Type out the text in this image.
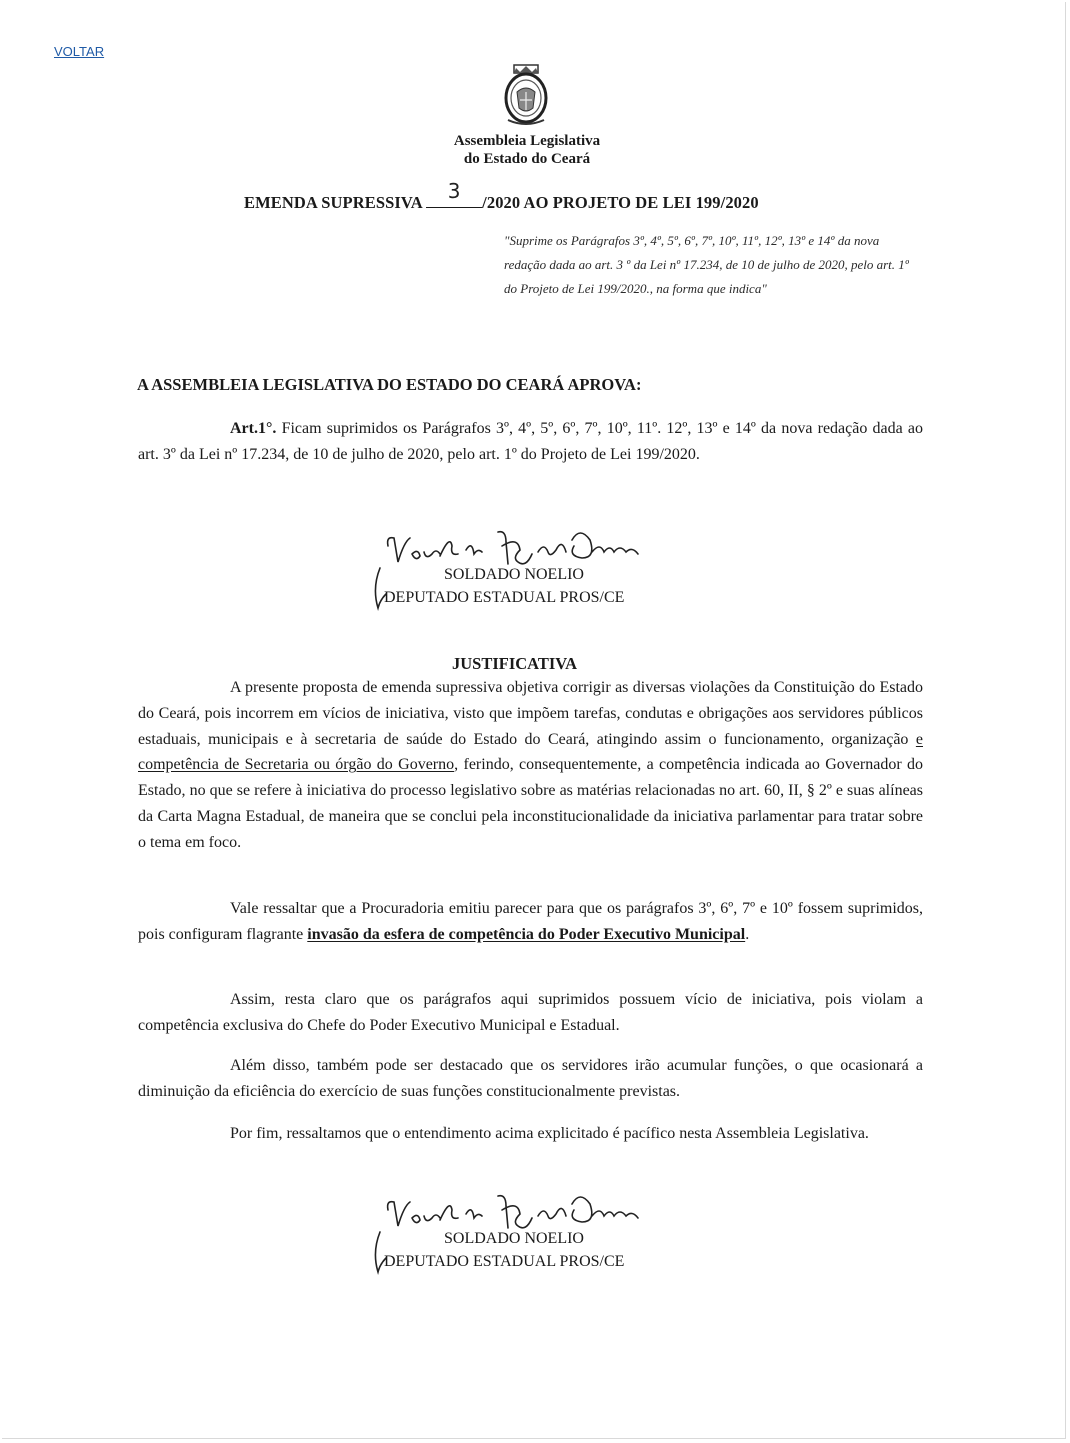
VOLTAR
Assembleia Legislativa
do Estado do Ceará
EMENDA SUPRESSIVA	3	/2020 AO PROJETO DE LEI 199/2020
"Suprime os Parágrafos 3º, 4º, 5º, 6º, 7º, 10º, 11º, 12º, 13º e 14º da nova redação dada ao art. 3 º da Lei nº 17.234, de 10 de julho de 2020, pelo art. 1º do Projeto de Lei 199/2020., na forma que indica"
A ASSEMBLEIA LEGISLATIVA DO ESTADO DO CEARÁ APROVA:
Art.1°. Ficam suprimidos os Parágrafos 3º, 4º, 5º, 6º, 7º, 10º, 11º. 12º, 13º e 14º da nova redação dada ao art. 3º da Lei nº 17.234, de 10 de julho de 2020, pelo art. 1º do Projeto de Lei 199/2020.
SOLDADO NOELIO
DEPUTADO ESTADUAL PROS/CE
JUSTIFICATIVA
A presente proposta de emenda supressiva objetiva corrigir as diversas violações da Constituição do Estado do Ceará, pois incorrem em vícios de iniciativa, visto que impõem tarefas, condutas e obrigações aos servidores públicos estaduais, municipais e à secretaria de saúde do Estado do Ceará, atingindo assim o funcionamento, organização e competência de Secretaria ou órgão do Governo, ferindo, consequentemente, a competência indicada ao Governador do Estado, no que se refere à iniciativa do processo legislativo sobre as matérias relacionadas no art. 60, II, § 2º e suas alíneas da Carta Magna Estadual, de maneira que se conclui pela inconstitucionalidade da iniciativa parlamentar para tratar sobre o tema em foco.
Vale ressaltar que a Procuradoria emitiu parecer para que os parágrafos 3º, 6º, 7º e 10º fossem suprimidos, pois configuram flagrante invasão da esfera de competência do Poder Executivo Municipal.
Assim, resta claro que os parágrafos aqui suprimidos possuem vício de iniciativa, pois violam a competência exclusiva do Chefe do Poder Executivo Municipal e Estadual.
Além disso, também pode ser destacado que os servidores irão acumular funções, o que ocasionará a diminuição da eficiência do exercício de suas funções constitucionalmente previstas.
Por fim, ressaltamos que o entendimento acima explicitado é pacífico nesta Assembleia Legislativa.
SOLDADO NOELIO
DEPUTADO ESTADUAL PROS/CE
